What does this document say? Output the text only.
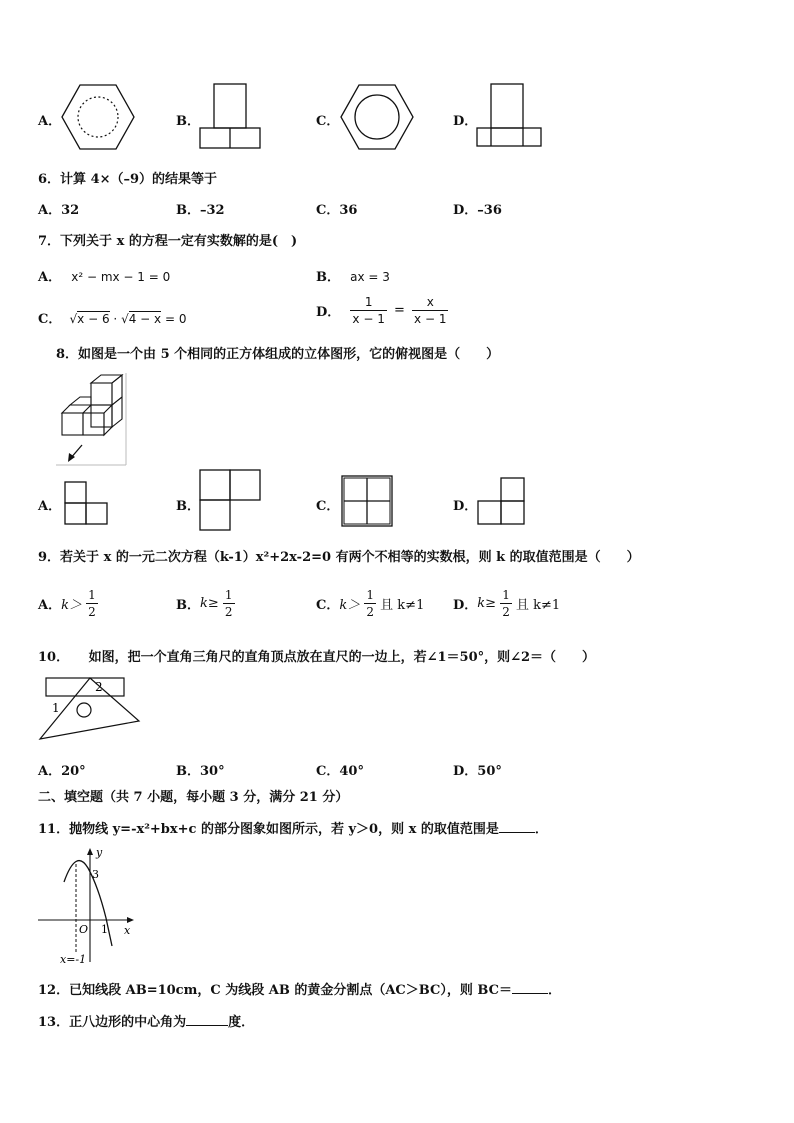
A．	B．	C．	D．
6．计算 4×（–9）的结果等于
A．32	B．–32	C．36	D．–36
7．下列关于 x 的方程一定有实数解的是(　)
A． x² − mx − 1 = 0	B． ax = 3
C． √x − 6 · √4 − x = 0	D． $\frac{1}{x - 1} = \frac{x}{x - 1}$
8．如图是一个由 5 个相同的正方体组成的立体图形，它的俯视图是（　　）
A．	B．	C．	D．
9．若关于 x 的一元二次方程（k-1）x²+2x-2=0 有两个不相等的实数根，则 k 的取值范围是（　　）
A．$k> \frac{1}{2}$	B．$k\ge \frac{1}{2}$	C．$k> \frac{1}{2}$ 且 k≠1 D．$k\ge \frac{1}{2}$ 且 k≠1
10．　　如图，把一个直角三角尺的直角顶点放在直尺的一边上，若∠1＝50°，则∠2＝（　　）
2
1
A．20°	B．30°	C．40°	D．50°
二、填空题（共 7 小题，每小题 3 分，满分 21 分）
11．抛物线 y=-x²+bx+c 的部分图象如图所示，若 y＞0，则 x 的取值范围是	．
y
x
O
3
1
x=-1
12．已知线段 AB=10cm，C 为线段 AB 的黄金分割点（AC＞BC），则 BC＝	．
13．正八边形的中心角为	度．
